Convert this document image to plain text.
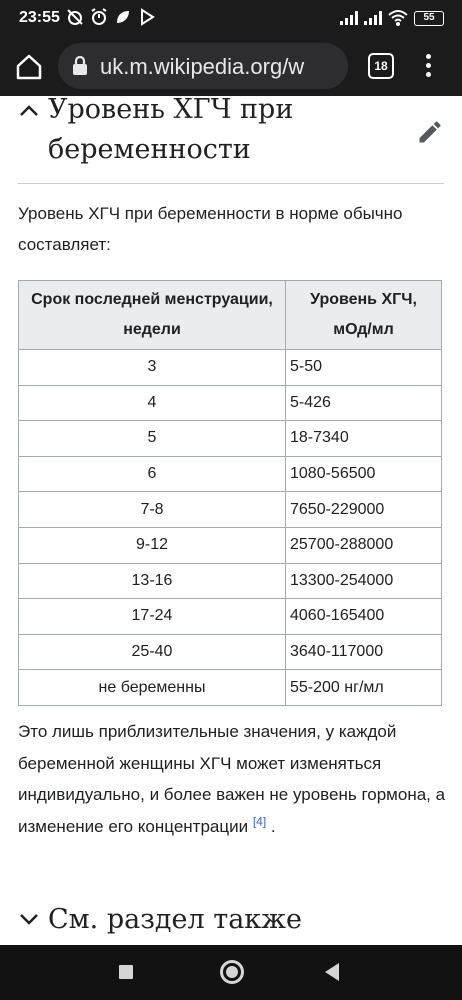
23:55	55
uk.m.wikipedia.org/w	18
Уровень ХГЧ при беременности

Уровень ХГЧ при беременности в норме обычно составляет:

Срок последней менструации, недели	Уровень ХГЧ, мОд/мл
3	5-50
4	5-426
5	18-7340
6	1080-56500
7-8	7650-229000
9-12	25700-288000
13-16	13300-254000
17-24	4060-165400
25-40	3640-117000
не беременны	55-200 нг/мл

Это лишь приблизительные значения, у каждой беременной женщины ХГЧ может изменяться индивидуально, и более важен не уровень гормона, а изменение его концентрации [4] .

См. раздел также
